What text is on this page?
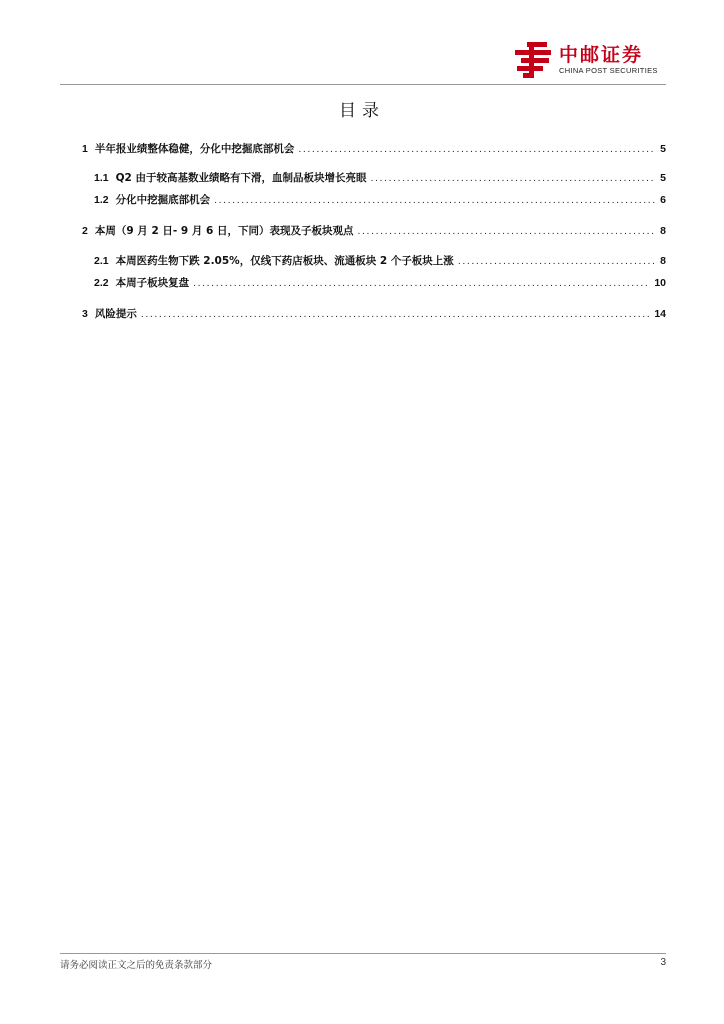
中邮证券
CHINA POST SECURITIES
目录
1 半年报业绩整体稳健，分化中挖掘底部机会 .....	5
1.1 Q2 由于较高基数业绩略有下滑，血制品板块增长亮眼 .....	5
1.2 分化中挖掘底部机会 .....	6
2 本周（9 月 2 日- 9 月 6 日，下同）表现及子板块观点 .....	8
2.1 本周医药生物下跌 2.05%，仅线下药店板块、流通板块 2 个子板块上涨 .....	8
2.2 本周子板块复盘 .....	10
3 风险提示 .....	14
请务必阅读正文之后的免责条款部分	3
